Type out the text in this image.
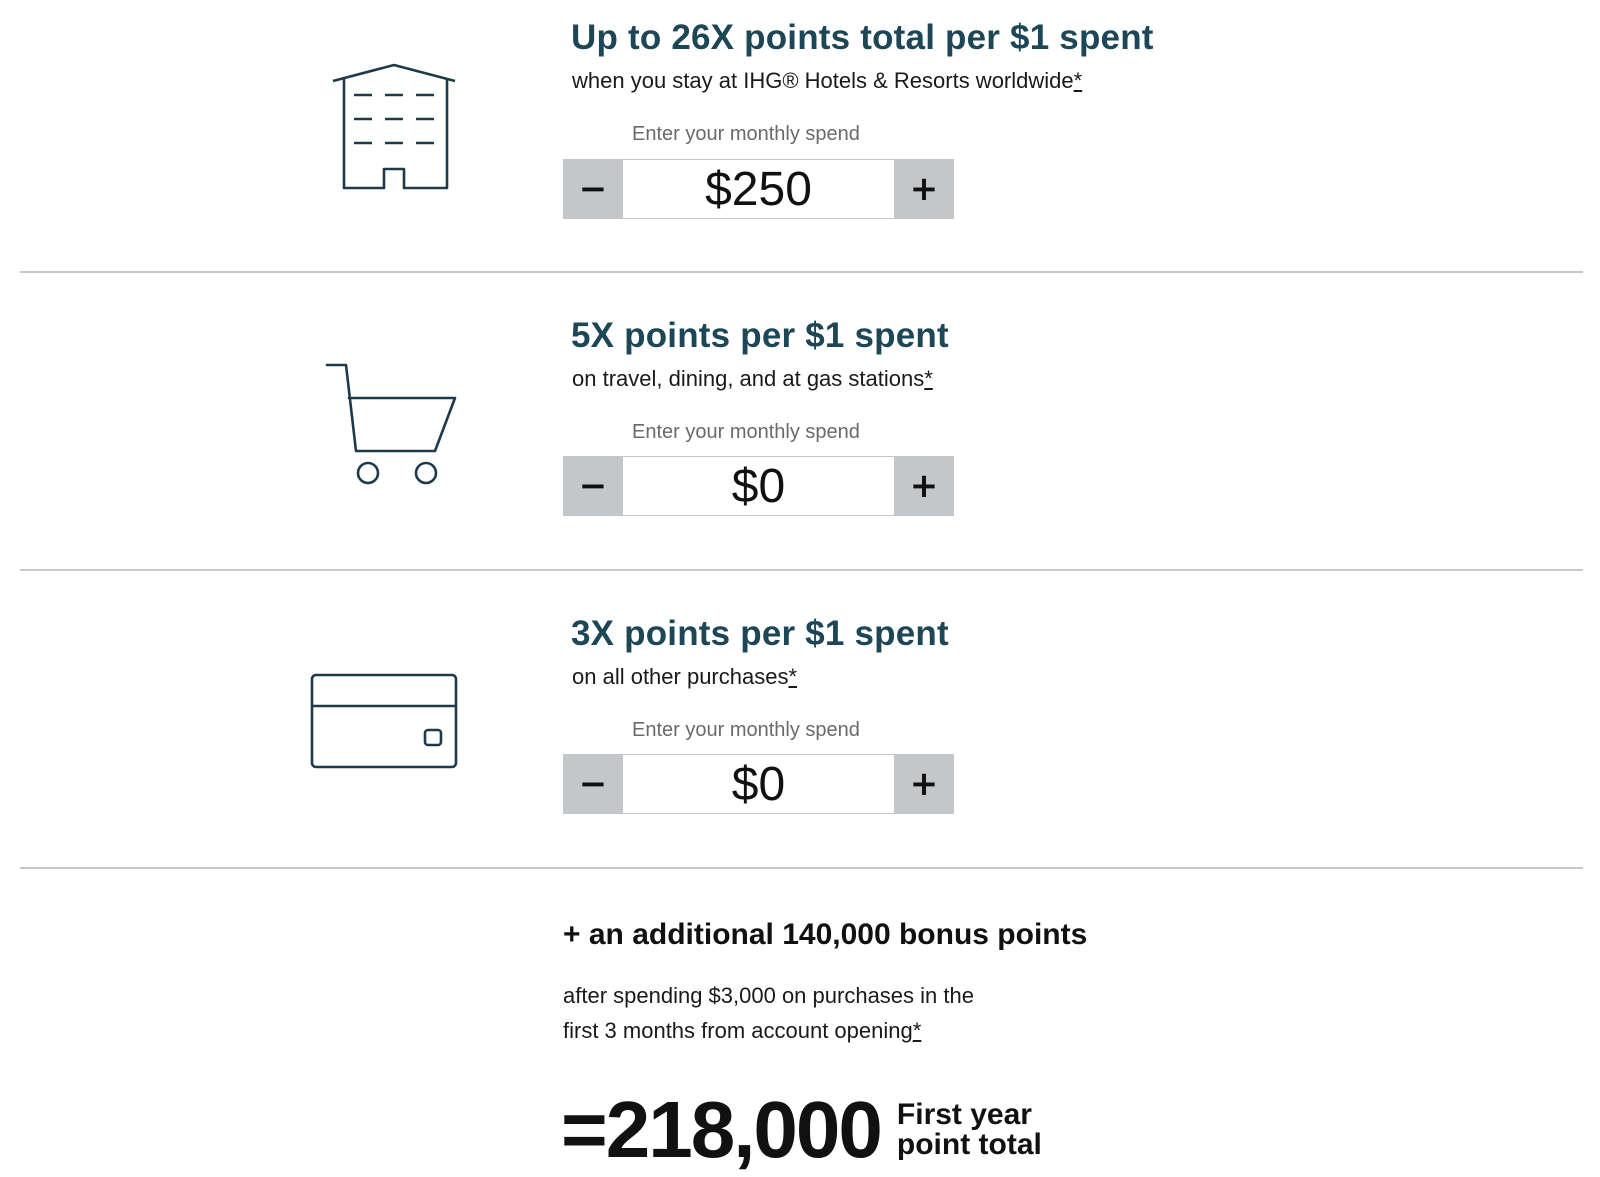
Up to 26X points total per $1 spent
when you stay at IHG® Hotels & Resorts worldwide*
Enter your monthly spend
−
$250	+
5X points per $1 spent
on travel, dining, and at gas stations*
Enter your monthly spend
−
$0	+
3X points per $1 spent
on all other purchases*
Enter your monthly spend
−
$0	+
+ an additional 140,000 bonus points
after spending $3,000 on purchases in the
first 3 months from account opening*
=218,000 First year
point total
